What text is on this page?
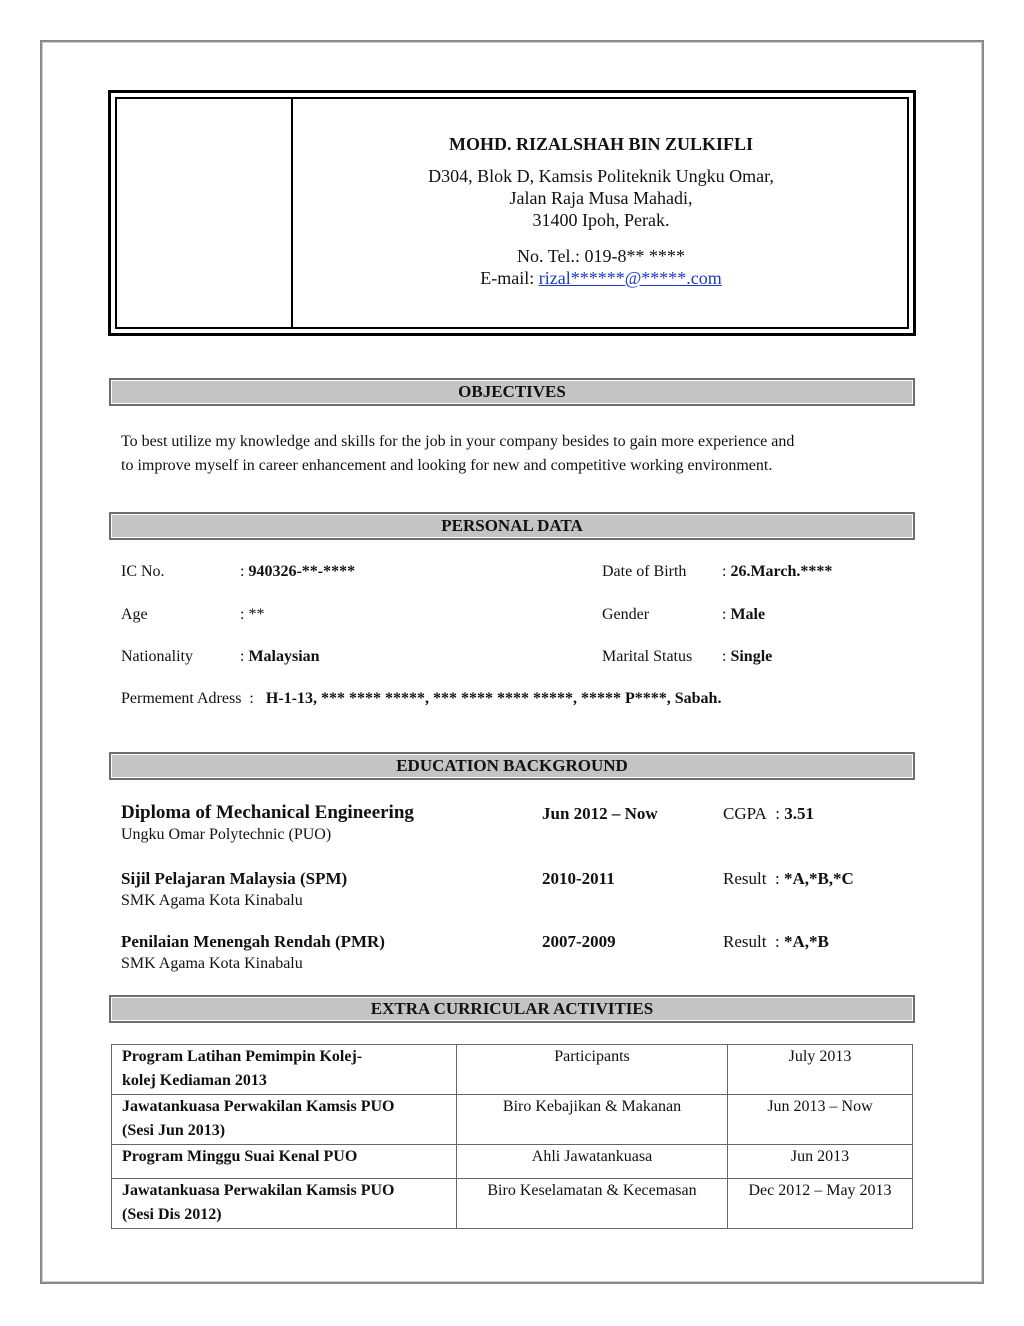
MOHD. RIZALSHAH BIN ZULKIFLI
D304, Blok D, Kamsis Politeknik Ungku Omar,
Jalan Raja Musa Mahadi,
31400 Ipoh, Perak.
No. Tel.: 019-8** ****
E-mail: rizal******@*****.com
OBJECTIVES
To best utilize my knowledge and skills for the job in your company besides to gain more experience and
to improve myself in career enhancement and looking for new and competitive working environment.
PERSONAL DATA
IC No.	: 940326-**-****	Date of Birth : 26.March.****
Age	: **	Gender	: Male
Nationality	: Malaysian	Marital Status : Single
Permement Adress  :   H-1-13, *** **** *****, *** **** **** *****, ***** P****, Sabah.
EDUCATION BACKGROUND
Diploma of Mechanical Engineering
Ungku Omar Polytechnic (PUO)
Jun 2012 – Now	CGPA  : 3.51
Sijil Pelajaran Malaysia (SPM)
SMK Agama Kota Kinabalu
2010-2011	Result  : *A,*B,*C
Penilaian Menengah Rendah (PMR)
SMK Agama Kota Kinabalu
2007-2009	Result  : *A,*B
EXTRA CURRICULAR ACTIVITIES
Program Latihan Pemimpin Kolej-
kolej Kediaman 2013	Participants	July 2013

Jawatankuasa Perwakilan Kamsis PUO
(Sesi Jun 2013)	Biro Kebajikan & Makanan	Jun 2013 – Now

Program Minggu Suai Kenal PUO	Ahli Jawatankuasa	Jun 2013

Jawatankuasa Perwakilan Kamsis PUO
(Sesi Dis 2012)	Biro Keselamatan & Kecemasan	Dec 2012 – May 2013
